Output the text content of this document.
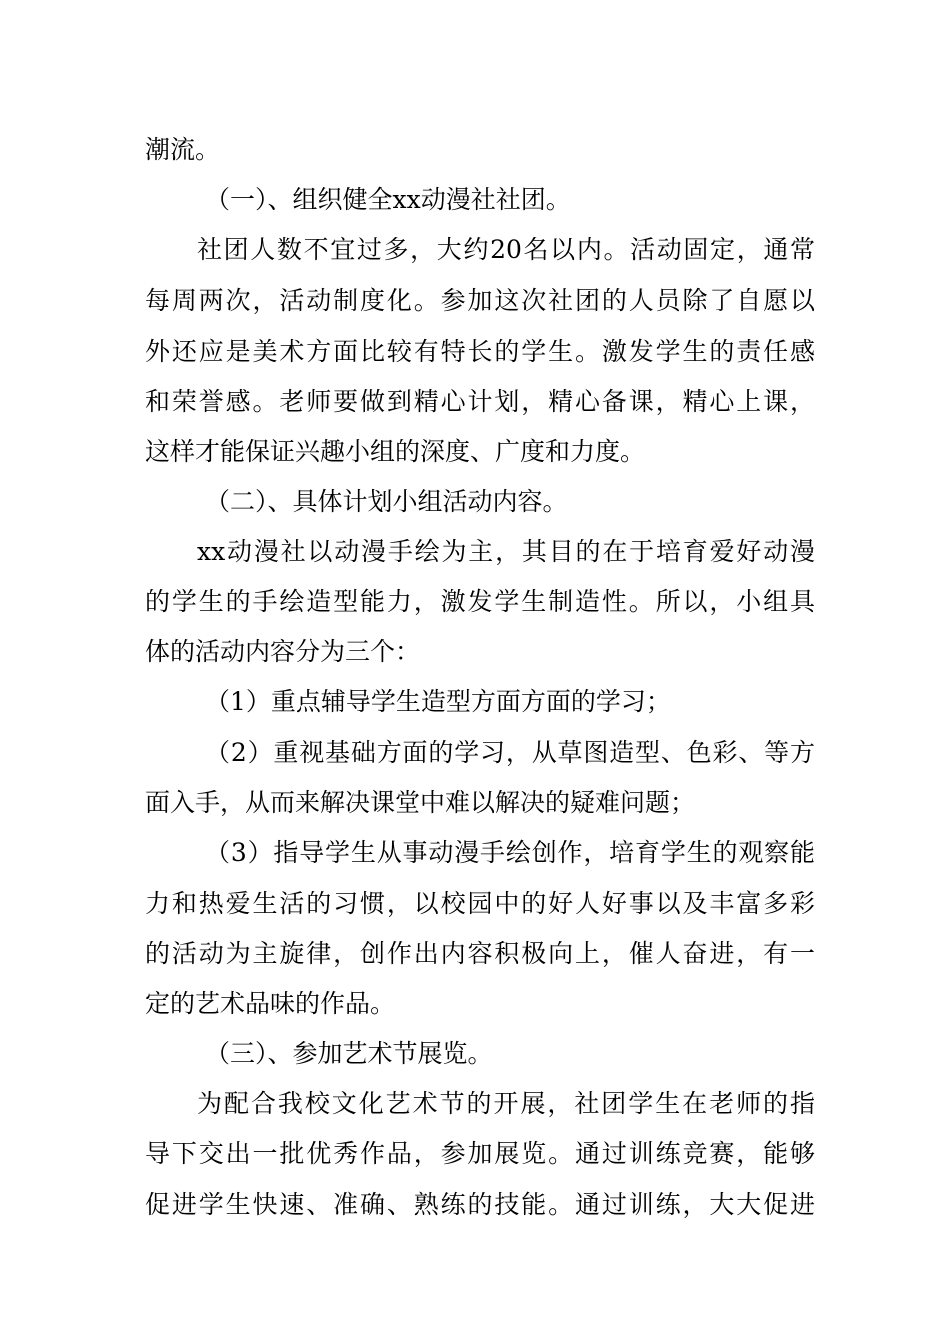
潮流。
（一）、组织健全xx动漫社社团。
社团人数不宜过多，大约20名以内。活动固定，通常
每周两次，活动制度化。参加这次社团的人员除了自愿以
外还应是美术方面比较有特长的学生。激发学生的责任感
和荣誉感。老师要做到精心计划，精心备课，精心上课，
这样才能保证兴趣小组的深度、广度和力度。
（二）、具体计划小组活动内容。
xx动漫社以动漫手绘为主，其目的在于培育爱好动漫
的学生的手绘造型能力，激发学生制造性。所以，小组具
体的活动内容分为三个：
（1）重点辅导学生造型方面方面的学习；
（2）重视基础方面的学习，从草图造型、色彩、等方
面入手，从而来解决课堂中难以解决的疑难问题；
（3）指导学生从事动漫手绘创作，培育学生的观察能
力和热爱生活的习惯，以校园中的好人好事以及丰富多彩
的活动为主旋律，创作出内容积极向上，催人奋进，有一
定的艺术品味的作品。
（三）、参加艺术节展览。
为配合我校文化艺术节的开展，社团学生在老师的指
导下交出一批优秀作品，参加展览。通过训练竞赛，能够
促进学生快速、准确、熟练的技能。通过训练，大大促进
